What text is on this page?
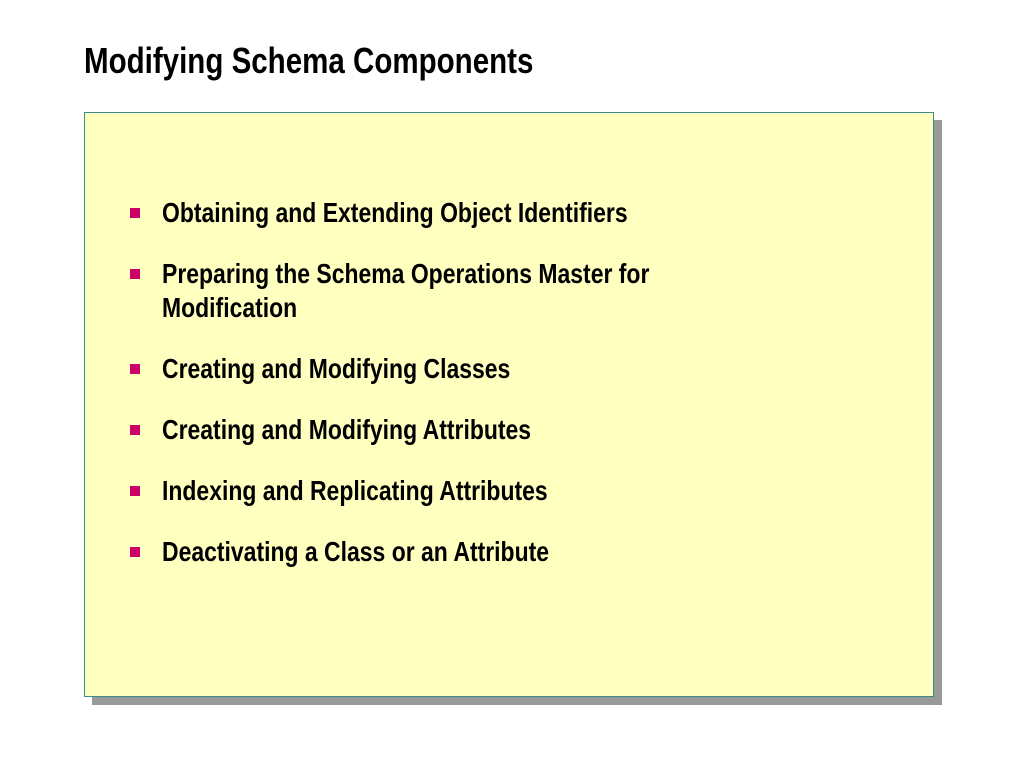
Modifying Schema Components
Obtaining and Extending Object Identifiers
Preparing the Schema Operations Master for Modification
Creating and Modifying Classes
Creating and Modifying Attributes
Indexing and Replicating Attributes
Deactivating a Class or an Attribute
